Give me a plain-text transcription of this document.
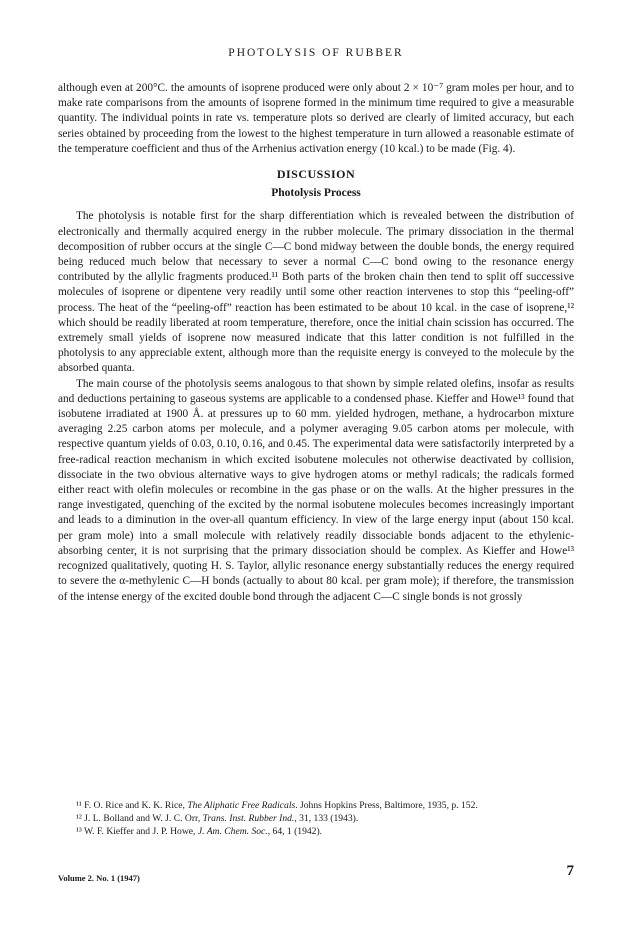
PHOTOLYSIS OF RUBBER

although even at 200°C. the amounts of isoprene produced were only about 2 × 10⁻⁷ gram moles per hour, and to make rate comparisons from the amounts of isoprene formed in the minimum time required to give a measurable quantity. The individual points in rate vs. temperature plots so derived are clearly of limited accuracy, but each series obtained by proceeding from the lowest to the highest temperature in turn allowed a reasonable estimate of the temperature coefficient and thus of the Arrhenius activation energy (10 kcal.) to be made (Fig. 4).

DISCUSSION
Photolysis Process

The photolysis is notable first for the sharp differentiation which is revealed between the distribution of electronically and thermally acquired energy in the rubber molecule. The primary dissociation in the thermal decomposition of rubber occurs at the single C—C bond midway between the double bonds, the energy required being reduced much below that necessary to sever a normal C—C bond owing to the resonance energy contributed by the allylic fragments produced.¹¹ Both parts of the broken chain then tend to split off successive molecules of isoprene or dipentene very readily until some other reaction intervenes to stop this “peeling-off” process. The heat of the “peeling-off” reaction has been estimated to be about 10 kcal. in the case of isoprene,¹² which should be readily liberated at room temperature, therefore, once the initial chain scission has occurred. The extremely small yields of isoprene now measured indicate that this latter condition is not fulfilled in the photolysis to any appreciable extent, although more than the requisite energy is conveyed to the molecule by the absorbed quanta.

The main course of the photolysis seems analogous to that shown by simple related olefins, insofar as results and deductions pertaining to gaseous systems are applicable to a condensed phase. Kieffer and Howe¹³ found that isobutene irradiated at 1900 Å. at pressures up to 60 mm. yielded hydrogen, methane, a hydrocarbon mixture averaging 2.25 carbon atoms per molecule, and a polymer averaging 9.05 carbon atoms per molecule, with respective quantum yields of 0.03, 0.10, 0.16, and 0.45. The experimental data were satisfactorily interpreted by a free-radical reaction mechanism in which excited isobutene molecules not otherwise deactivated by collision, dissociate in the two obvious alternative ways to give hydrogen atoms or methyl radicals; the radicals formed either react with olefin molecules or recombine in the gas phase or on the walls. At the higher pressures in the range investigated, quenching of the excited by the normal isobutene molecules becomes increasingly important and leads to a diminution in the over-all quantum efficiency. In view of the large energy input (about 150 kcal. per gram mole) into a small molecule with relatively readily dissociable bonds adjacent to the ethylenic-absorbing center, it is not surprising that the primary dissociation should be complex. As Kieffer and Howe¹³ recognized qualitatively, quoting H. S. Taylor, allylic resonance energy substantially reduces the energy required to severe the α-methylenic C—H bonds (actually to about 80 kcal. per gram mole); if therefore, the transmission of the intense energy of the excited double bond through the adjacent C—C single bonds is not grossly

¹¹ F. O. Rice and K. K. Rice, The Aliphatic Free Radicals. Johns Hopkins Press, Baltimore, 1935, p. 152.

¹² J. L. Bolland and W. J. C. Orr, Trans. Inst. Rubber Ind., 31, 133 (1943).

¹³ W. F. Kieffer and J. P. Howe, J. Am. Chem. Soc., 64, 1 (1942).

Volume 2. No. 1 (1947)	7
